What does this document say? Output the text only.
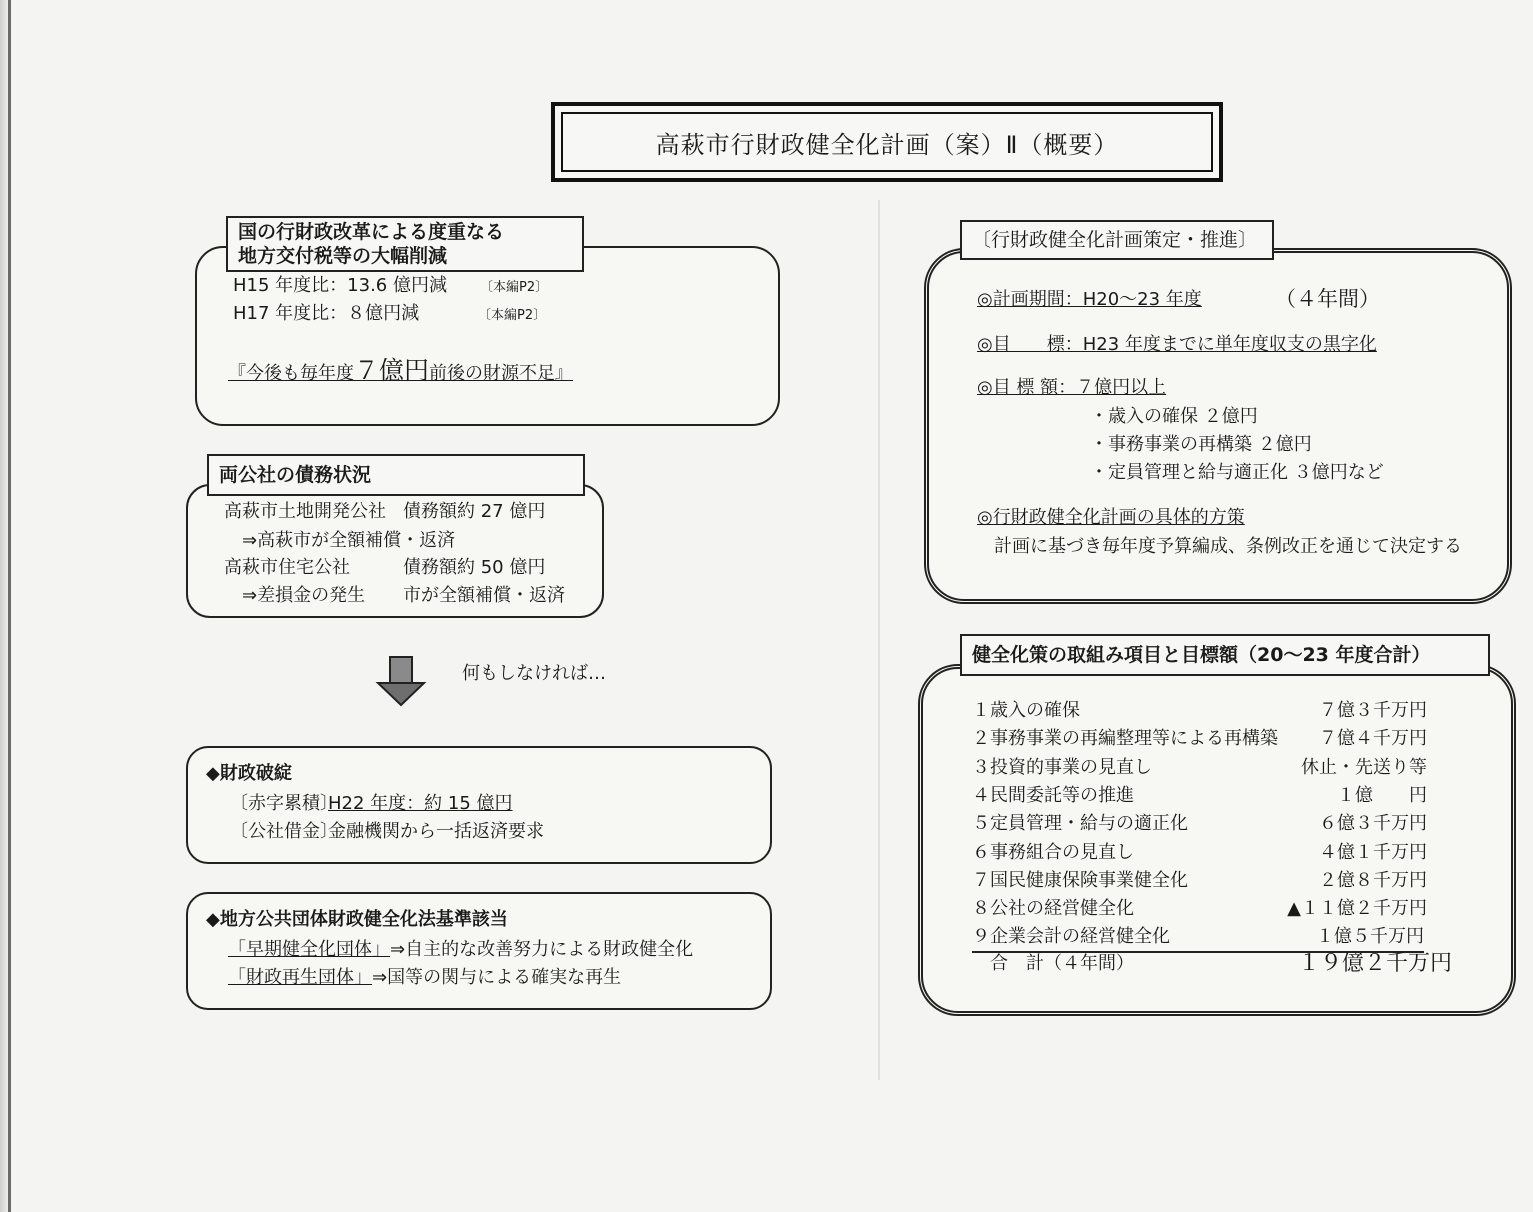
高萩市行財政健全化計画（案）Ⅱ（概要）
国の行財政改革による度重なる
地方交付税等の大幅削減
H15 年度比：13.6 億円減	〔本編P2〕
H17 年度比：８億円減	〔本編P2〕
『今後も毎年度７億円前後の財源不足』
両公社の債務状況
高萩市土地開発公社 債務額約 27 億円
⇒高萩市が全額補償・返済
高萩市住宅公社	債務額約 50 億円
⇒差損金の発生 市が全額補償・返済
何もしなければ…
◆財政破綻
〔赤字累積〕
H22 年度：約 15 億円
〔公社借金〕
金融機関から一括返済要求
◆地方公共団体財政健全化法基準該当
「早期健全化団体」⇒自主的な改善努力による財政健全化
「財政再生団体」⇒国等の関与による確実な再生
〔行財政健全化計画策定・推進〕
◎計画期間：H20～23 年度	（４年間）
◎目　　標：H23 年度までに単年度収支の黒字化
◎目 標 額：７億円以上
・歳入の確保 ２億円
・事務事業の再構築 ２億円
・定員管理と給与適正化 ３億円など
◎行財政健全化計画の具体的方策
計画に基づき毎年度予算編成、条例改正を通じて決定する
健全化策の取組み項目と目標額（20～23 年度合計）
１歳入の確保	７億３千万円
２事務事業の再編整理等による再構築 ７億４千万円
３投資的事業の見直し	休止・先送り等
４民間委託等の推進	１億　　円
５定員管理・給与の適正化	６億３千万円
６事務組合の見直し	４億１千万円
７国民健康保険事業健全化	２億８千万円
８公社の経営健全化	▲１１億２千万円
９企業会計の経営健全化	１億５千万円
合　計（４年間）	１９億２千万円
